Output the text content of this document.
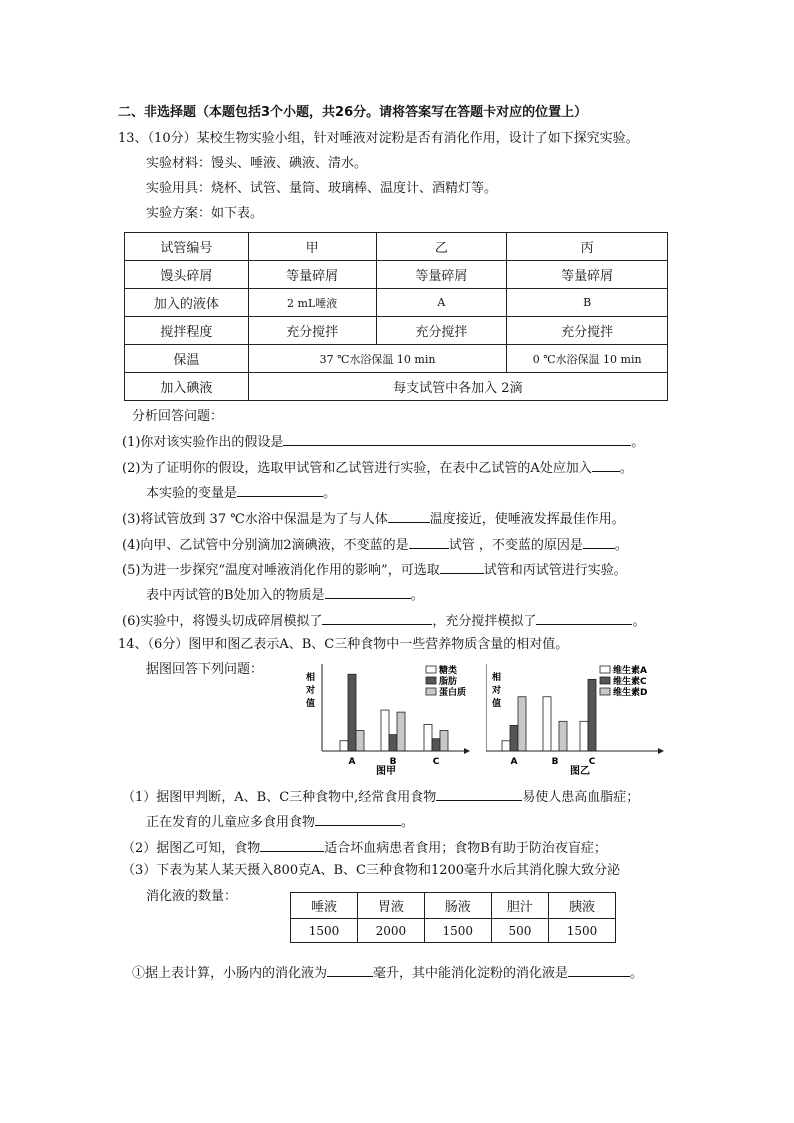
二、非选择题（本题包括3个小题，共26分。请将答案写在答题卡对应的位置上）
13、（10分）某校生物实验小组，针对唾液对淀粉是否有消化作用，设计了如下探究实验。
实验材料：馒头、唾液、碘液、清水。
实验用具：烧杯、试管、量筒、玻璃棒、温度计、酒精灯等。
实验方案：如下表。
试管编号	甲	乙	丙
馒头碎屑	等量碎屑	等量碎屑	等量碎屑
加入的液体	2 mL唾液	A	B
搅拌程度	充分搅拌	充分搅拌	充分搅拌
保温	37 ℃水浴保温 10 min		0 ℃水浴保温 10 min
加入碘液	每支试管中各加入 2滴		
分析回答问题：
(1)你对该实验作出的假设是	。
(2)为了证明你的假设，选取甲试管和乙试管进行实验，在表中乙试管的A处应加入 。
本实验的变量是	。
(3)将试管放到 37 ℃水浴中保温是为了与人体	温度接近，使唾液发挥最佳作用。
(4)向甲、乙试管中分别滴加2滴碘液，不变蓝的是	试管 ，不变蓝的原因是 。
(5)为进一步探究“温度对唾液消化作用的影响”，可选取	试管和丙试管进行实验。
表中丙试管的B处加入的物质是	。
(6)实验中，将馒头切成碎屑模拟了	，充分搅拌模拟了	。
14、（6分）图甲和图乙表示A、B、C三种食物中一些营养物质含量的相对值。
据图回答下列问题：
相
对
值
A	B	C
糖类
脂肪
蛋白质
图甲
相
对
值
A	B	C
维生素A
维生素C
维生素D
图乙
（1）据图甲判断，A、B、C三种食物中,经常食用食物	易使人患高血脂症；
正在发育的儿童应多食用食物	。
（2）据图乙可知，食物	适合坏血病患者食用；食物B有助于防治夜盲症；
（3）下表为某人某天摄入800克A、B、C三种食物和1200毫升水后其消化腺大致分泌
消化液的数量：
唾液	胃液	肠液	胆汁	胰液
1500	2000	1500	500	1500
①据上表计算，小肠内的消化液为	毫升，其中能消化淀粉的消化液是	。
